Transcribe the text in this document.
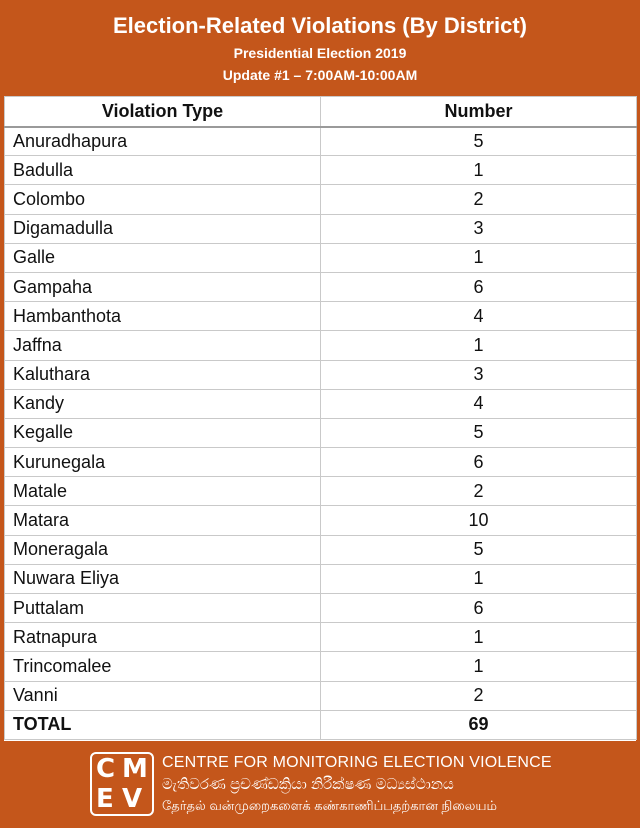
Election-Related Violations (By District)
Presidential Election 2019
Update #1 – 7:00AM-10:00AM
Violation Type	Number
Anuradhapura	5
Badulla	1
Colombo	2
Digamadulla	3
Galle	1
Gampaha	6
Hambanthota	4
Jaffna	1
Kaluthara	3
Kandy	4
Kegalle	5
Kurunegala	6
Matale	2
Matara	10
Moneragala	5
Nuwara Eliya	1
Puttalam	6
Ratnapura	1
Trincomalee	1
Vanni	2
TOTAL	69
C M
E V
CENTRE FOR MONITORING ELECTION VIOLENCE
මැතිවරණ ප්‍රචණ්ඩක්‍රියා නිරීක්ෂණ මධ්‍යස්ථානය
தேர்தல் வன்முறைகளைக் கண்காணிப்பதற்கான நிலையம்
